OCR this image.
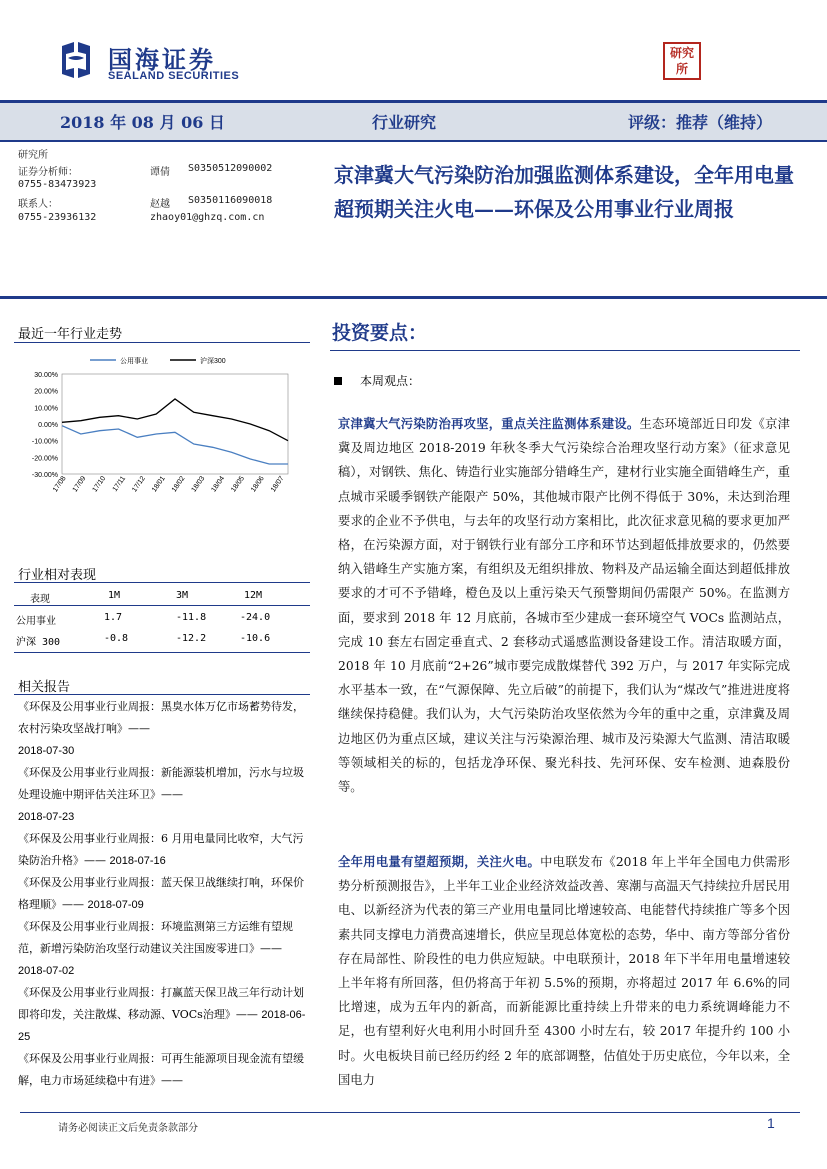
国海证券
SEALAND SECURITIES
研究所
2018 年 08 月 06 日	行业研究	评级：推荐（维持）
研究所
证券分析师：	谭倩 S0350512090002
0755-83473923
联系人：	赵越 S0350116090018
0755-23936132	zhaoy01@ghzq.com.cn
京津冀大气污染防治加强监测体系建设，全年用电量超预期关注火电——环保及公用事业行业周报
最近一年行业走势
公用事业	沪深300
30.00%
20.00%
10.00%
0.00%
-10.00%
-20.00%
-30.00%
17/08 17/09 17/10 17/11 17/12 18/01 18/02 18/03 18/04 18/05 18/06 18/07
行业相对表现
表现	1M	3M	12M
公用事业	1.7	-11.8	-24.0
沪深 300	-0.8	-12.2	-10.6
相关报告
《环保及公用事业行业周报：黑臭水体万亿市场蓄势待发，农村污染攻坚战打响》——
2018-07-30
《环保及公用事业行业周报：新能源装机增加，污水与垃圾处理设施中期评估关注环卫》——
2018-07-23
《环保及公用事业行业周报：6 月用电量同比收窄，大气污染防治升格》—— 2018-07-16
《环保及公用事业行业周报：蓝天保卫战继续打响，环保价格理顺》—— 2018-07-09
《环保及公用事业行业周报：环境监测第三方运维有望规范，新增污染防治攻坚行动建议关注国废零进口》—— 2018-07-02
《环保及公用事业行业周报：打赢蓝天保卫战三年行动计划即将印发，关注散煤、移动源、VOCs治理》—— 2018-06-25
《环保及公用事业行业周报：可再生能源项目现金流有望缓解，电力市场延续稳中有进》——
投资要点：
本周观点：
京津冀大气污染防治再攻坚，重点关注监测体系建设。生态环境部近日印发《京津冀及周边地区 2018-2019 年秋冬季大气污染综合治理攻坚行动方案》（征求意见稿），对钢铁、焦化、铸造行业实施部分错峰生产，建材行业实施全面错峰生产，重点城市采暖季钢铁产能限产 50%，其他城市限产比例不得低于 30%，未达到治理要求的企业不予供电，与去年的攻坚行动方案相比，此次征求意见稿的要求更加严格，在污染源方面，对于钢铁行业有部分工序和环节达到超低排放要求的，仍然要纳入错峰生产实施方案，有组织及无组织排放、物料及产品运输全面达到超低排放要求的才可不予错峰，橙色及以上重污染天气预警期间仍需限产 50%。在监测方面，要求到 2018 年 12 月底前，各城市至少建成一套环境空气 VOCs 监测站点，完成 10 套左右固定垂直式、2 套移动式遥感监测设备建设工作。清洁取暖方面，2018 年 10 月底前“2+26”城市要完成散煤替代 392 万户，与 2017 年实际完成水平基本一致，在“气源保障、先立后破”的前提下，我们认为“煤改气”推进进度将继续保持稳健。我们认为，大气污染防治攻坚依然为今年的重中之重，京津冀及周边地区仍为重点区域，建议关注与污染源治理、城市及污染源大气监测、清洁取暖等领域相关的标的，包括龙净环保、聚光科技、先河环保、安车检测、迪森股份等。
全年用电量有望超预期，关注火电。中电联发布《2018 年上半年全国电力供需形势分析预测报告》，上半年工业企业经济效益改善、寒潮与高温天气持续拉升居民用电、以新经济为代表的第三产业用电量同比增速较高、电能替代持续推广等多个因素共同支撑电力消费高速增长，供应呈现总体宽松的态势，华中、南方等部分省份存在局部性、阶段性的电力供应短缺。中电联预计，2018 年下半年用电量增速较上半年将有所回落，但仍将高于年初 5.5%的预期，亦将超过 2017 年 6.6%的同比增速，成为五年内的新高，而新能源比重持续上升带来的电力系统调峰能力不足，也有望利好火电利用小时回升至 4300 小时左右，较 2017 年提升约 100 小时。火电板块目前已经历约经 2 年的底部调整，估值处于历史底位，今年以来，全国电力
请务必阅读正文后免责条款部分	1
